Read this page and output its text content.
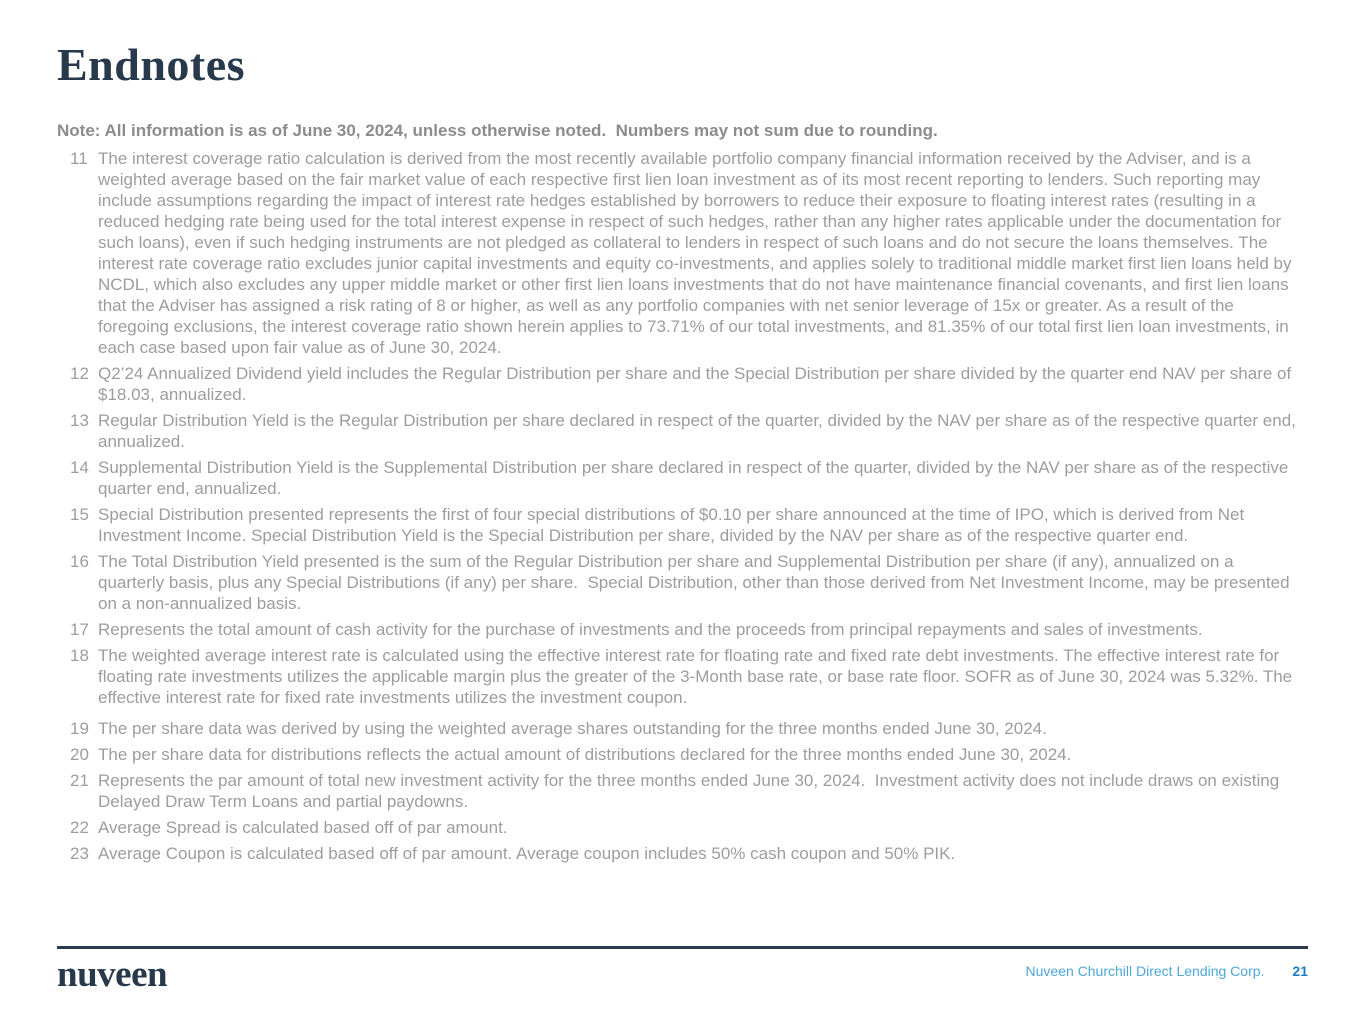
Endnotes

Note: All information is as of June 30, 2024, unless otherwise noted.  Numbers may not sum due to rounding.

11 The interest coverage ratio calculation is derived from the most recently available portfolio company financial information received by the Adviser, and is a weighted average based on the fair market value of each respective first lien loan investment as of its most recent reporting to lenders. Such reporting may include assumptions regarding the impact of interest rate hedges established by borrowers to reduce their exposure to floating interest rates (resulting in a reduced hedging rate being used for the total interest expense in respect of such hedges, rather than any higher rates applicable under the documentation for such loans), even if such hedging instruments are not pledged as collateral to lenders in respect of such loans and do not secure the loans themselves. The interest rate coverage ratio excludes junior capital investments and equity co-investments, and applies solely to traditional middle market first lien loans held by NCDL, which also excludes any upper middle market or other first lien loans investments that do not have maintenance financial covenants, and first lien loans that the Adviser has assigned a risk rating of 8 or higher, as well as any portfolio companies with net senior leverage of 15x or greater. As a result of the foregoing exclusions, the interest coverage ratio shown herein applies to 73.71% of our total investments, and 81.35% of our total first lien loan investments, in each case based upon fair value as of June 30, 2024.
12 Q2’24 Annualized Dividend yield includes the Regular Distribution per share and the Special Distribution per share divided by the quarter end NAV per share of $18.03, annualized.
13 Regular Distribution Yield is the Regular Distribution per share declared in respect of the quarter, divided by the NAV per share as of the respective quarter end, annualized.
14 Supplemental Distribution Yield is the Supplemental Distribution per share declared in respect of the quarter, divided by the NAV per share as of the respective quarter end, annualized.
15 Special Distribution presented represents the first of four special distributions of $0.10 per share announced at the time of IPO, which is derived from Net Investment Income. Special Distribution Yield is the Special Distribution per share, divided by the NAV per share as of the respective quarter end.
16 The Total Distribution Yield presented is the sum of the Regular Distribution per share and Supplemental Distribution per share (if any), annualized on a quarterly basis, plus any Special Distributions (if any) per share.  Special Distribution, other than those derived from Net Investment Income, may be presented on a non-annualized basis.
17 Represents the total amount of cash activity for the purchase of investments and the proceeds from principal repayments and sales of investments.
18 The weighted average interest rate is calculated using the effective interest rate for floating rate and fixed rate debt investments. The effective interest rate for floating rate investments utilizes the applicable margin plus the greater of the 3-Month base rate, or base rate floor. SOFR as of June 30, 2024 was 5.32%. The effective interest rate for fixed rate investments utilizes the investment coupon.
19 The per share data was derived by using the weighted average shares outstanding for the three months ended June 30, 2024.
20 The per share data for distributions reflects the actual amount of distributions declared for the three months ended June 30, 2024.
21 Represents the par amount of total new investment activity for the three months ended June 30, 2024.  Investment activity does not include draws on existing Delayed Draw Term Loans and partial paydowns.
22 Average Spread is calculated based off of par amount.
23 Average Coupon is calculated based off of par amount. Average coupon includes 50% cash coupon and 50% PIK.
nuveen	Nuveen Churchill Direct Lending Corp. 21
